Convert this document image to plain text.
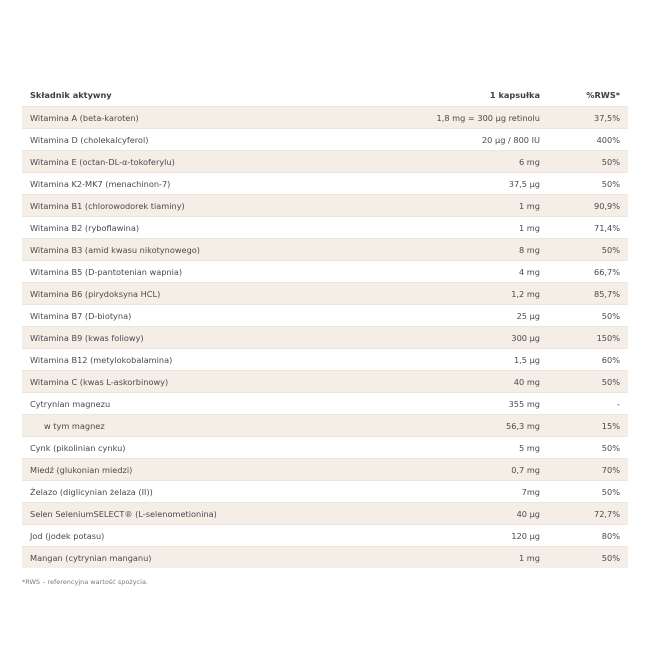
Składnik aktywny	1 kapsułka	%RWS*
Witamina A (beta-karoten)	1,8 mg = 300 µg retinolu	37,5%
Witamina D (cholekalcyferol)	20 µg / 800 IU	400%
Witamina E (octan-DL-α-tokoferylu)	6 mg	50%
Witamina K2-MK7 (menachinon-7)	37,5 µg	50%
Witamina B1 (chlorowodorek tiaminy)	1 mg	90,9%
Witamina B2 (ryboflawina)	1 mg	71,4%
Witamina B3 (amid kwasu nikotynowego)	8 mg	50%
Witamina B5 (D-pantotenian wapnia)	4 mg	66,7%
Witamina B6 (pirydoksyna HCL)	1,2 mg	85,7%
Witamina B7 (D-biotyna)	25 µg	50%
Witamina B9 (kwas foliowy)	300 µg	150%
Witamina B12 (metylokobalamina)	1,5 µg	60%
Witamina C (kwas L-askorbinowy)	40 mg	50%
Cytrynian magnezu	355 mg	-
w tym magnez	56,3 mg	15%
Cynk (pikolinian cynku)	5 mg	50%
Miedź (glukonian miedzi)	0,7 mg	70%
Żelazo (diglicynian żelaza (II))	7mg	50%
Selen SeleniumSELECT® (L-selenometionina)	40 µg	72,7%
Jod (jodek potasu)	120 µg	80%
Mangan (cytrynian manganu)	1 mg	50%
*RWS – referencyjna wartość spożycia.
